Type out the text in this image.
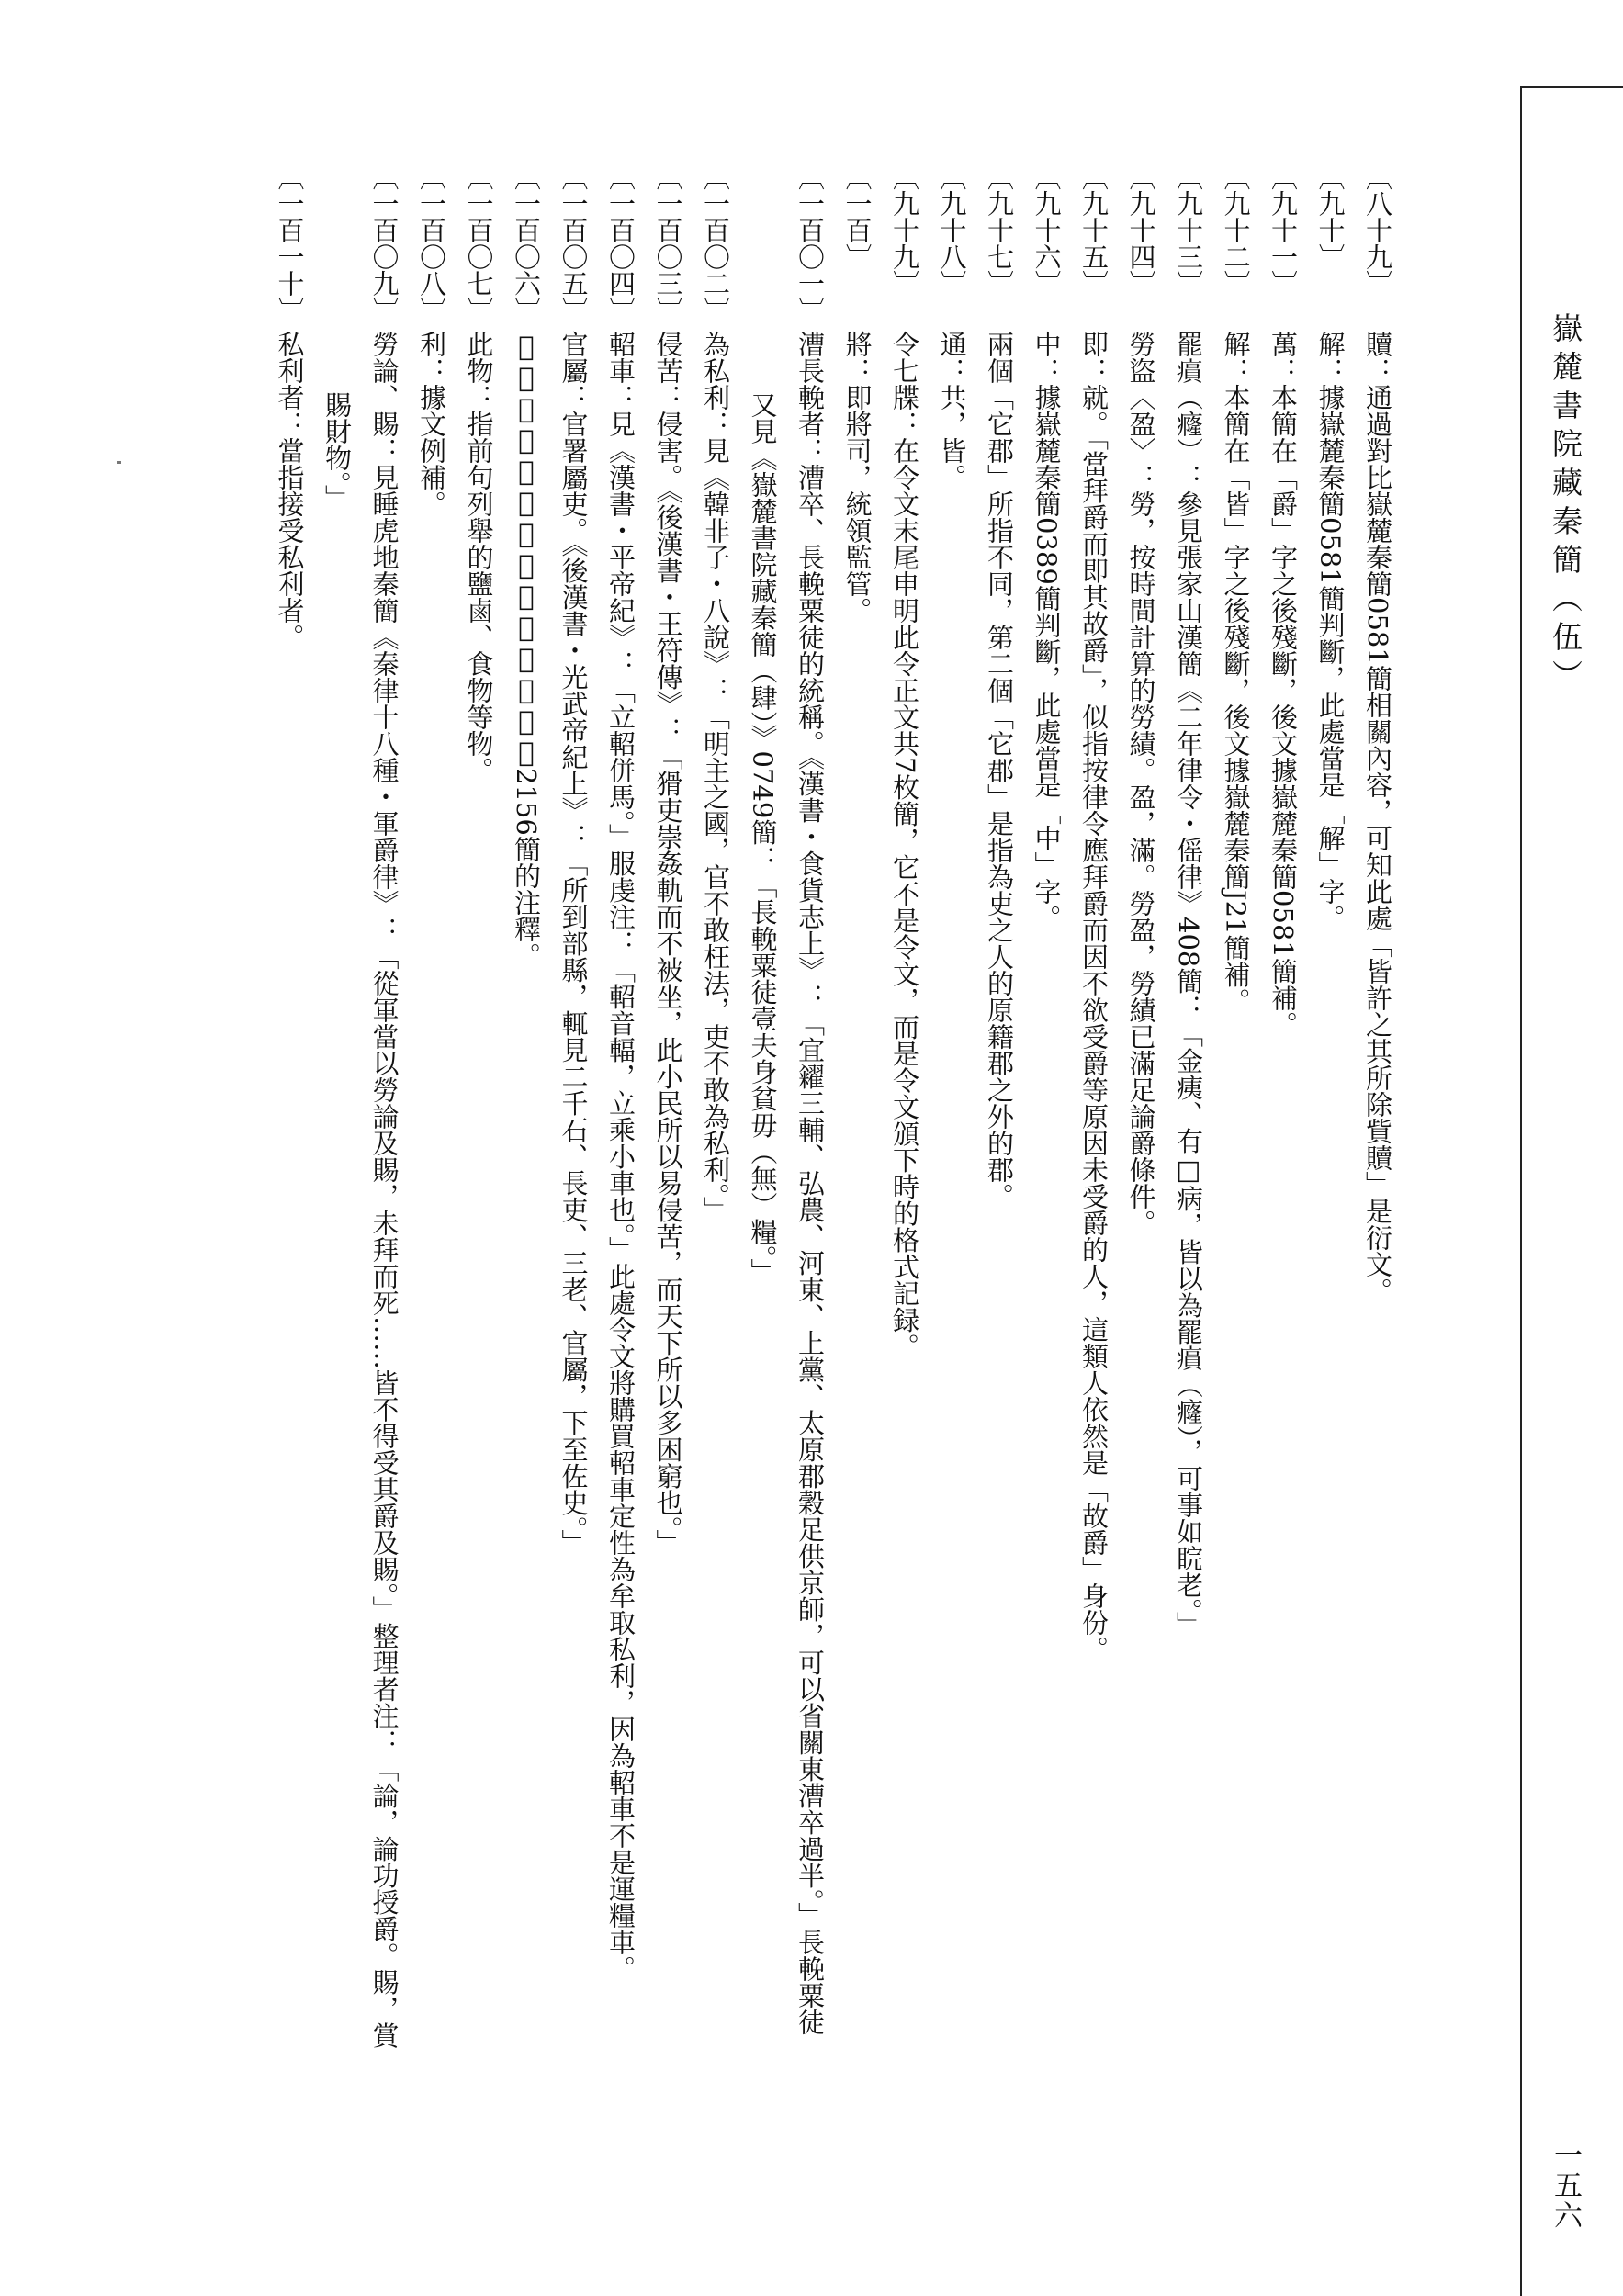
嶽麓書院藏秦簡（伍）
一五六
〔八十九〕
贖：通過對比嶽麓秦簡0581簡相關內容，可知此處「皆許之其所除貲贖」是衍文。
〔九十〕
解：據嶽麓秦簡0581簡判斷，此處當是「解」字。
〔九十一〕
萬：本簡在「爵」字之後殘斷，後文據嶽麓秦簡0581簡補。
〔九十二〕
解：本簡在「皆」字之後殘斷，後文據嶽麓秦簡J21簡補。
〔九十三〕
罷𤸫（癃）：參見張家山漢簡《二年律令・傜律》408簡：「金痍、有□病，皆以為罷𤸫（癃），可事如睆老。」
〔九十四〕
勞盜〈盈〉：勞，按時間計算的勞績。盈，滿。勞盈，勞績已滿足論爵條件。
〔九十五〕
即：就。「當拜爵而即其故爵」，似指按律令應拜爵而因不欲受爵等原因未受爵的人，這類人依然是「故爵」身份。
〔九十六〕
中：據嶽麓秦簡0389簡判斷，此處當是「中」字。
〔九十七〕
兩個「它郡」所指不同，第二個「它郡」是指為吏之人的原籍郡之外的郡。
〔九十八〕
通：共，皆。
〔九十九〕
令七牒：在令文末尾申明此令正文共7枚簡，它不是令文，而是令文頒下時的格式記録。
〔一百〕
將：即將司，統領監管。
〔一百〇一〕
漕長輓者：漕卒、長輓粟徒的統稱。《漢書・食貨志上》：「宜糴三輔、弘農、河東、上黨、太原郡穀足供京師，可以省關東漕卒過半。」長輓粟徒
又見《嶽麓書院藏秦簡（肆）》0749簡：「長輓粟徒壹夫身貧毋（無）糧。」
〔一百〇二〕
為私利：見《韓非子・八說》：「明主之國，官不敢枉法，吏不敢為私利。」
〔一百〇三〕
侵苦：侵害。《後漢書・王符傳》：「猾吏崇姦軌而不被坐，此小民所以易侵苦，而天下所以多困窮也。」
〔一百〇四〕
軺車：見《漢書・平帝紀》：「立軺併馬。」服虔注：「軺音輻，立乘小車也。」此處令文將購買軺車定性為牟取私利，因為軺車不是運糧車。
〔一百〇五〕
官屬：官署屬吏。《後漢書・光武帝紀上》：「所到部縣，輒見二千石、長吏、三老、官屬，下至佐史。」
〔一百〇六〕
𪉑（鹵）：鹽鹵。參見嶽麓秦簡2156簡的注釋。
〔一百〇七〕
此物：指前句列舉的鹽鹵、食物等物。
〔一百〇八〕
利：據文例補。
〔一百〇九〕
勞論、賜：見睡虎地秦簡《秦律十八種・軍爵律》：「從軍當以勞論及賜，未拜而死……皆不得受其爵及賜。」整理者注：「論，論功授爵。賜，賞
賜財物。」
〔一百一十〕
私利者：當指接受私利者。
